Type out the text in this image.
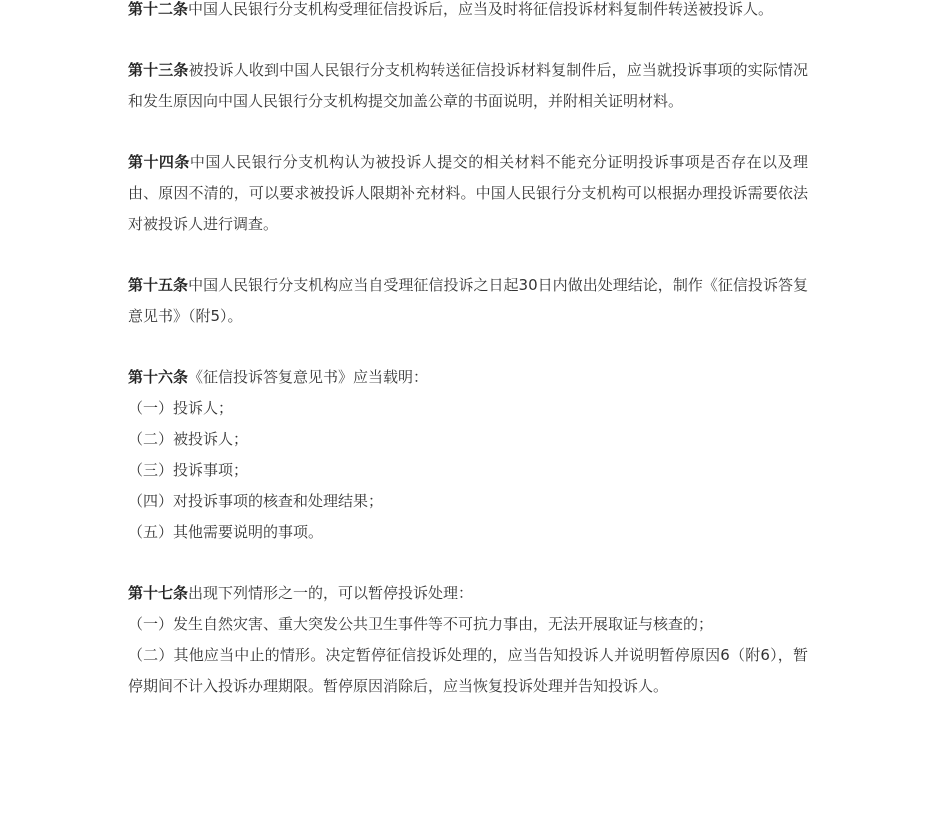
第十二条中国人民银行分支机构受理征信投诉后，应当及时将征信投诉材料复制件转送被投诉人。

第十三条被投诉人收到中国人民银行分支机构转送征信投诉材料复制件后，应当就投诉事项的实际情况和发生原因向中国人民银行分支机构提交加盖公章的书面说明，并附相关证明材料。

第十四条中国人民银行分支机构认为被投诉人提交的相关材料不能充分证明投诉事项是否存在以及理由、原因不清的，可以要求被投诉人限期补充材料。中国人民银行分支机构可以根据办理投诉需要依法对被投诉人进行调查。

第十五条中国人民银行分支机构应当自受理征信投诉之日起30日内做出处理结论，制作《征信投诉答复意见书》（附5）。

第十六条《征信投诉答复意见书》应当载明：

（一）投诉人；

（二）被投诉人；

（三）投诉事项；

（四）对投诉事项的核查和处理结果；

（五）其他需要说明的事项。

第十七条出现下列情形之一的，可以暂停投诉处理：

（一）发生自然灾害、重大突发公共卫生事件等不可抗力事由，无法开展取证与核查的；

（二）其他应当中止的情形。决定暂停征信投诉处理的，应当告知投诉人并说明暂停原因6（附6），暂停期间不计入投诉办理期限。暂停原因消除后，应当恢复投诉处理并告知投诉人。
